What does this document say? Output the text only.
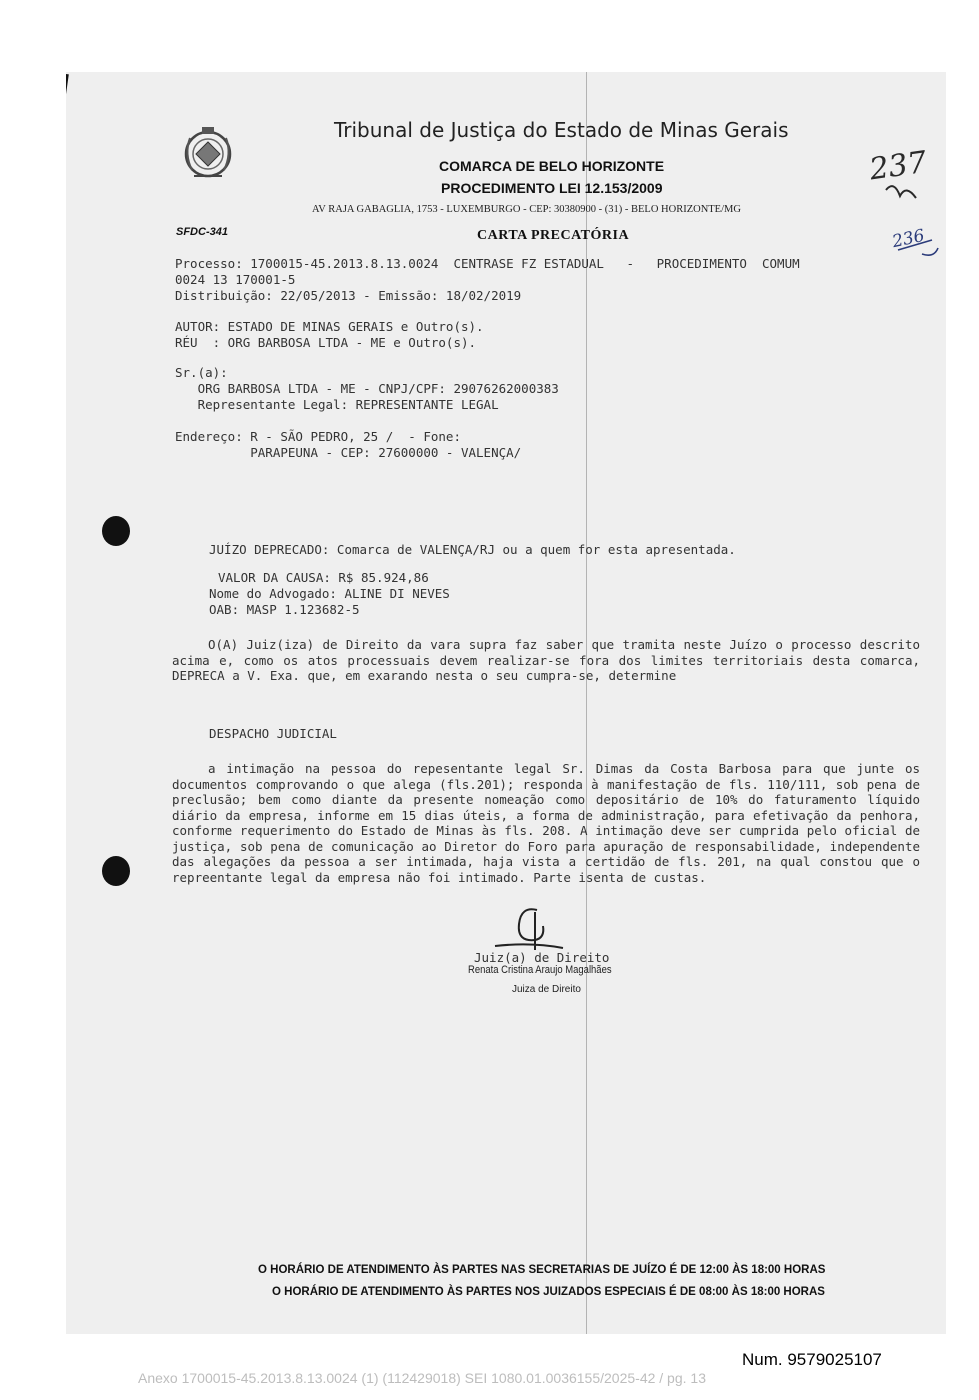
Tribunal de Justiça do Estado de Minas Gerais
COMARCA DE BELO HORIZONTE
PROCEDIMENTO LEI 12.153/2009
AV RAJA GABAGLIA, 1753 - LUXEMBURGO - CEP: 30380900 - (31) - BELO HORIZONTE/MG
SFDC-341	CARTA PRECATÓRIA
237
236
Processo: 1700015-45.2013.8.13.0024  CENTRASE FZ ESTADUAL   -   PROCEDIMENTO  COMUM
0024 13 170001-5
Distribuição: 22/05/2013 - Emissão: 18/02/2019
AUTOR: ESTADO DE MINAS GERAIS e Outro(s).
RÉU  : ORG BARBOSA LTDA - ME e Outro(s).
Sr.(a):
ORG BARBOSA LTDA - ME - CNPJ/CPF: 29076262000383
Representante Legal: REPRESENTANTE LEGAL
Endereço: R - SÃO PEDRO, 25 /  - Fone:
PARAPEUNA - CEP: 27600000 - VALENÇA/
JUÍZO DEPRECADO: Comarca de VALENÇA/RJ ou a quem for esta apresentada.
VALOR DA CAUSA: R$ 85.924,86
Nome do Advogado: ALINE DI NEVES
OAB: MASP 1.123682-5

O(A) Juiz(iza) de Direito da vara supra faz saber que tramita neste Juízo o processo descrito acima e, como os atos processuais devem realizar-se fora dos limites territoriais desta comarca, DEPRECA a V. Exa. que, em exarando nesta o seu cumpra-se, determine

DESPACHO JUDICIAL

a intimação na pessoa do repesentante legal Sr. Dimas da Costa Barbosa para que junte os documentos comprovando o que alega (fls.201); responda à manifestação de fls. 110/111, sob pena de preclusão; bem como diante da presente nomeação como depositário de 10% do faturamento líquido diário da empresa, informe em 15 dias úteis, a forma de administração, para efetivação da penhora, conforme requerimento do Estado de Minas às fls. 208. A intimação deve ser cumprida pelo oficial de justiça, sob pena de comunicação ao Diretor do Foro para apuração de responsabilidade, independente das alegações da pessoa a ser intimada, haja vista a certidão de fls. 201, na qual constou que o repreentante legal da empresa não foi intimado. Parte isenta de custas.

Juiz(a) de Direito
Renata Cristina Araujo Magalhães
Juiza de Direito
O HORÁRIO DE ATENDIMENTO ÀS PARTES NAS SECRETARIAS DE JUÍZO É DE 12:00 ÀS 18:00 HORAS
O HORÁRIO DE ATENDIMENTO ÀS PARTES NOS JUIZADOS ESPECIAIS É DE 08:00 ÀS 18:00 HORAS
Num. 9579025107
Anexo 1700015-45.2013.8.13.0024 (1) (112429018) SEI 1080.01.0036155/2025-42 / pg. 13
